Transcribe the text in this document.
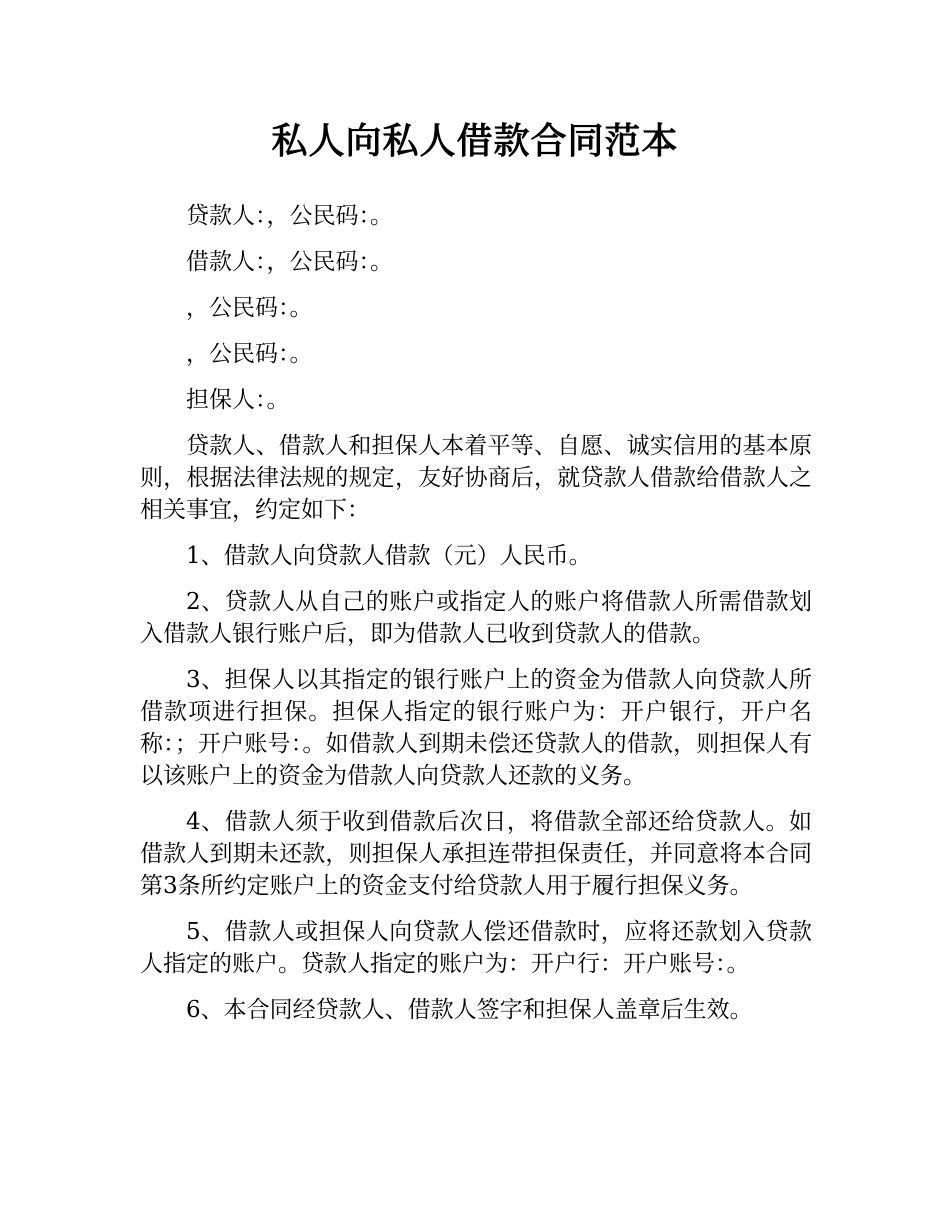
私人向私人借款合同范本

贷款人：，公民码：。

借款人：，公民码：。

，公民码：。

，公民码：。

担保人：。

贷款人、借款人和担保人本着平等、自愿、诚实信用的基本原则，根据法律法规的规定，友好协商后，就贷款人借款给借款人之相关事宜，约定如下：

1、借款人向贷款人借款（元）人民币。

2、贷款人从自己的账户或指定人的账户将借款人所需借款划入借款人银行账户后，即为借款人已收到贷款人的借款。

3、担保人以其指定的银行账户上的资金为借款人向贷款人所借款项进行担保。担保人指定的银行账户为：开户银行，开户名称：；开户账号：。如借款人到期未偿还贷款人的借款，则担保人有以该账户上的资金为借款人向贷款人还款的义务。

4、借款人须于收到借款后次日，将借款全部还给贷款人。如借款人到期未还款，则担保人承担连带担保责任，并同意将本合同第3条所约定账户上的资金支付给贷款人用于履行担保义务。

5、借款人或担保人向贷款人偿还借款时，应将还款划入贷款人指定的账户。贷款人指定的账户为：开户行：开户账号：。

6、本合同经贷款人、借款人签字和担保人盖章后生效。
